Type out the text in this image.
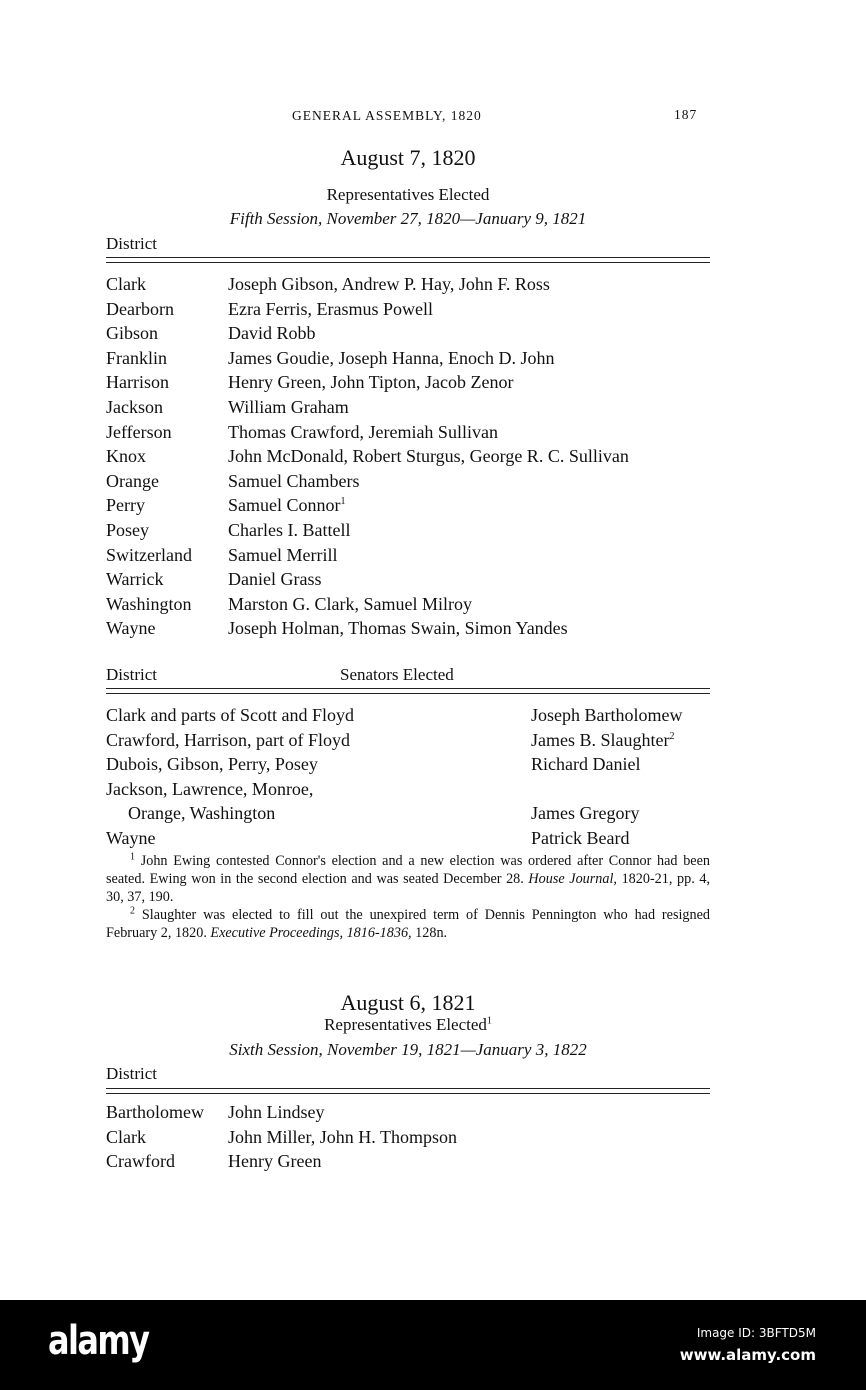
GENERAL ASSEMBLY, 1820	187
August 7, 1820
Representatives Elected
Fifth Session, November 27, 1820—January 9, 1821
District
Clark	Joseph Gibson, Andrew P. Hay, John F. Ross
Dearborn	Ezra Ferris, Erasmus Powell
Gibson	David Robb
Franklin	James Goudie, Joseph Hanna, Enoch D. John
Harrison	Henry Green, John Tipton, Jacob Zenor
Jackson	William Graham
Jefferson	Thomas Crawford, Jeremiah Sullivan
Knox	John McDonald, Robert Sturgus, George R. C. Sullivan
Orange	Samuel Chambers
Perry	Samuel Connor$^1$
Posey	Charles I. Battell
Switzerland Samuel Merrill
Warrick	Daniel Grass
Washington Marston G. Clark, Samuel Milroy
Wayne	Joseph Holman, Thomas Swain, Simon Yandes
District	Senators Elected
Clark and parts of Scott and Floyd	Joseph Bartholomew
Crawford, Harrison, part of Floyd	James B. Slaughter$^2$
Dubois, Gibson, Perry, Posey	Richard Daniel
Jackson, Lawrence, Monroe,
Orange, Washington	James Gregory
Wayne	Patrick Beard

$^1$ John Ewing contested Connor's election and a new election was ordered after Connor had been seated. Ewing won in the second election and was seated December 28. House Journal, 1820-21, pp. 4, 30, 37, 190.

$^2$ Slaughter was elected to fill out the unexpired term of Dennis Pennington who had resigned February 2, 1820. Executive Proceedings, 1816-1836, 128n.

August 6, 1821
Representatives Elected$^1$
Sixth Session, November 19, 1821—January 3, 1822
District
Bartholomew John Lindsey
Clark	John Miller, John H. Thompson
Crawford	Henry Green
alamy	Image ID: 3BFTD5M
www.alamy.com
